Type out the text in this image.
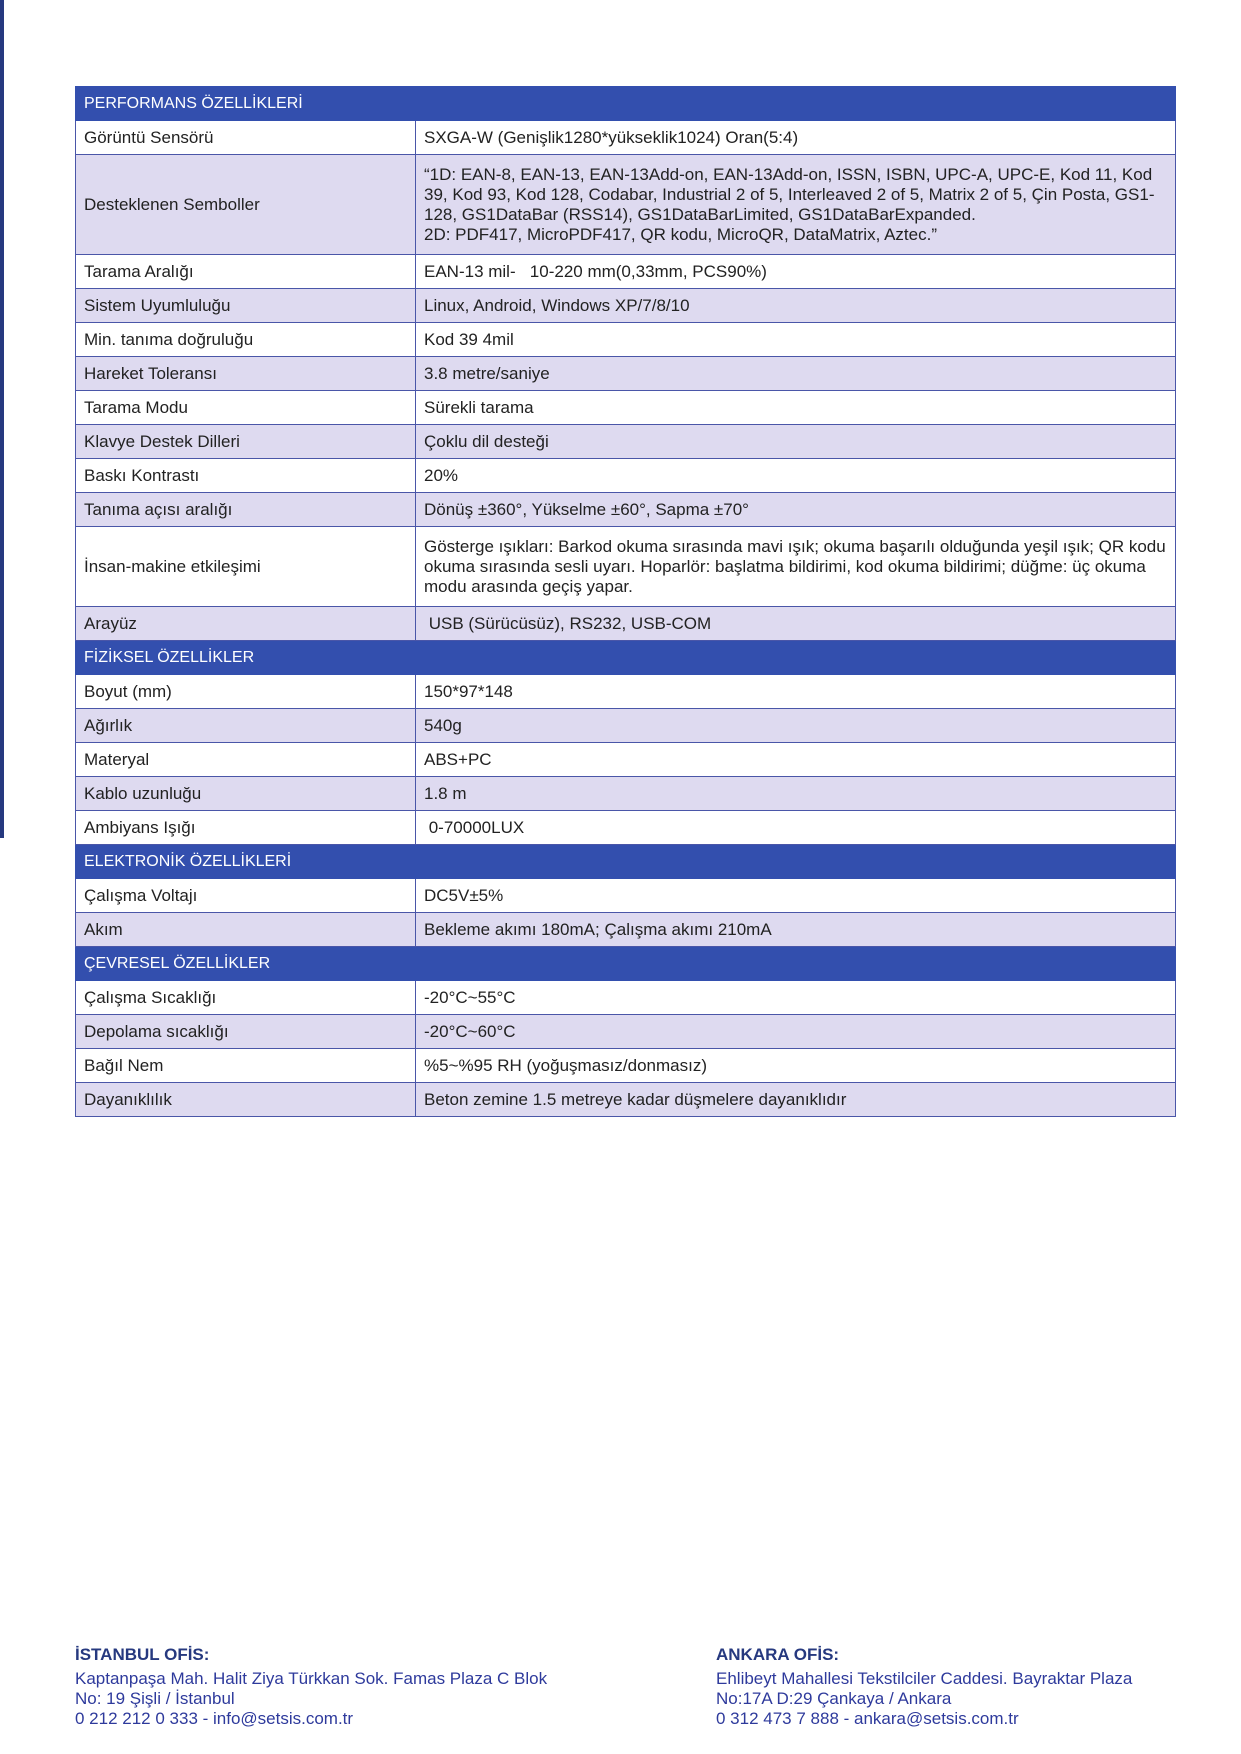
PERFORMANS ÖZELLİKLERİ	
Görüntü Sensörü	SXGA-W (Genişlik1280*yükseklik1024) Oran(5:4)
Desteklenen Semboller	“1D: EAN-8, EAN-13, EAN-13Add-on, EAN-13Add-on, ISSN, ISBN, UPC-A, UPC-E, Kod 11, Kod 39, Kod 93, Kod 128, Codabar, Industrial 2 of 5, Interleaved 2 of 5, Matrix 2 of 5, Çin Posta, GS1-128, GS1DataBar (RSS14), GS1DataBarLimited, GS1DataBarExpanded.
2D: PDF417, MicroPDF417, QR kodu, MicroQR, DataMatrix, Aztec.”
Tarama Aralığı	EAN-13 mil-   10-220 mm(0,33mm, PCS90%)
Sistem Uyumluluğu	Linux, Android, Windows XP/7/8/10
Min. tanıma doğruluğu	Kod 39 4mil
Hareket Toleransı	3.8 metre/saniye
Tarama Modu	Sürekli tarama
Klavye Destek Dilleri	Çoklu dil desteği
Baskı Kontrastı	20%
Tanıma açısı aralığı	Dönüş ±360°, Yükselme ±60°, Sapma ±70°
İnsan-makine etkileşimi	Gösterge ışıkları: Barkod okuma sırasında mavi ışık; okuma başarılı olduğunda yeşil ışık; QR kodu okuma sırasında sesli uyarı. Hoparlör: başlatma bildirimi, kod okuma bildirimi; düğme: üç okuma modu arasında geçiş yapar.
Arayüz	USB (Sürücüsüz), RS232, USB-COM
FİZİKSEL ÖZELLİKLER	
Boyut (mm)	150*97*148
Ağırlık	540g
Materyal	ABS+PC
Kablo uzunluğu	1.8 m
Ambiyans Işığı	0-70000LUX
ELEKTRONİK ÖZELLİKLERİ	
Çalışma Voltajı	DC5V±5%
Akım	Bekleme akımı 180mA; Çalışma akımı 210mA
ÇEVRESEL ÖZELLİKLER	
Çalışma Sıcaklığı	-20°C~55°C
Depolama sıcaklığı	-20°C~60°C
Bağıl Nem	%5~%95 RH (yoğuşmasız/donmasız)
Dayanıklılık	Beton zemine 1.5 metreye kadar düşmelere dayanıklıdır
İSTANBUL OFİS:
Kaptanpaşa Mah. Halit Ziya Türkkan Sok. Famas Plaza C Blok
No: 19 Şişli / İstanbul
0 212 212 0 333 - info@setsis.com.tr
ANKARA OFİS:
Ehlibeyt Mahallesi Tekstilciler Caddesi. Bayraktar Plaza
No:17A D:29 Çankaya / Ankara
0 312 473 7 888 - ankara@setsis.com.tr
